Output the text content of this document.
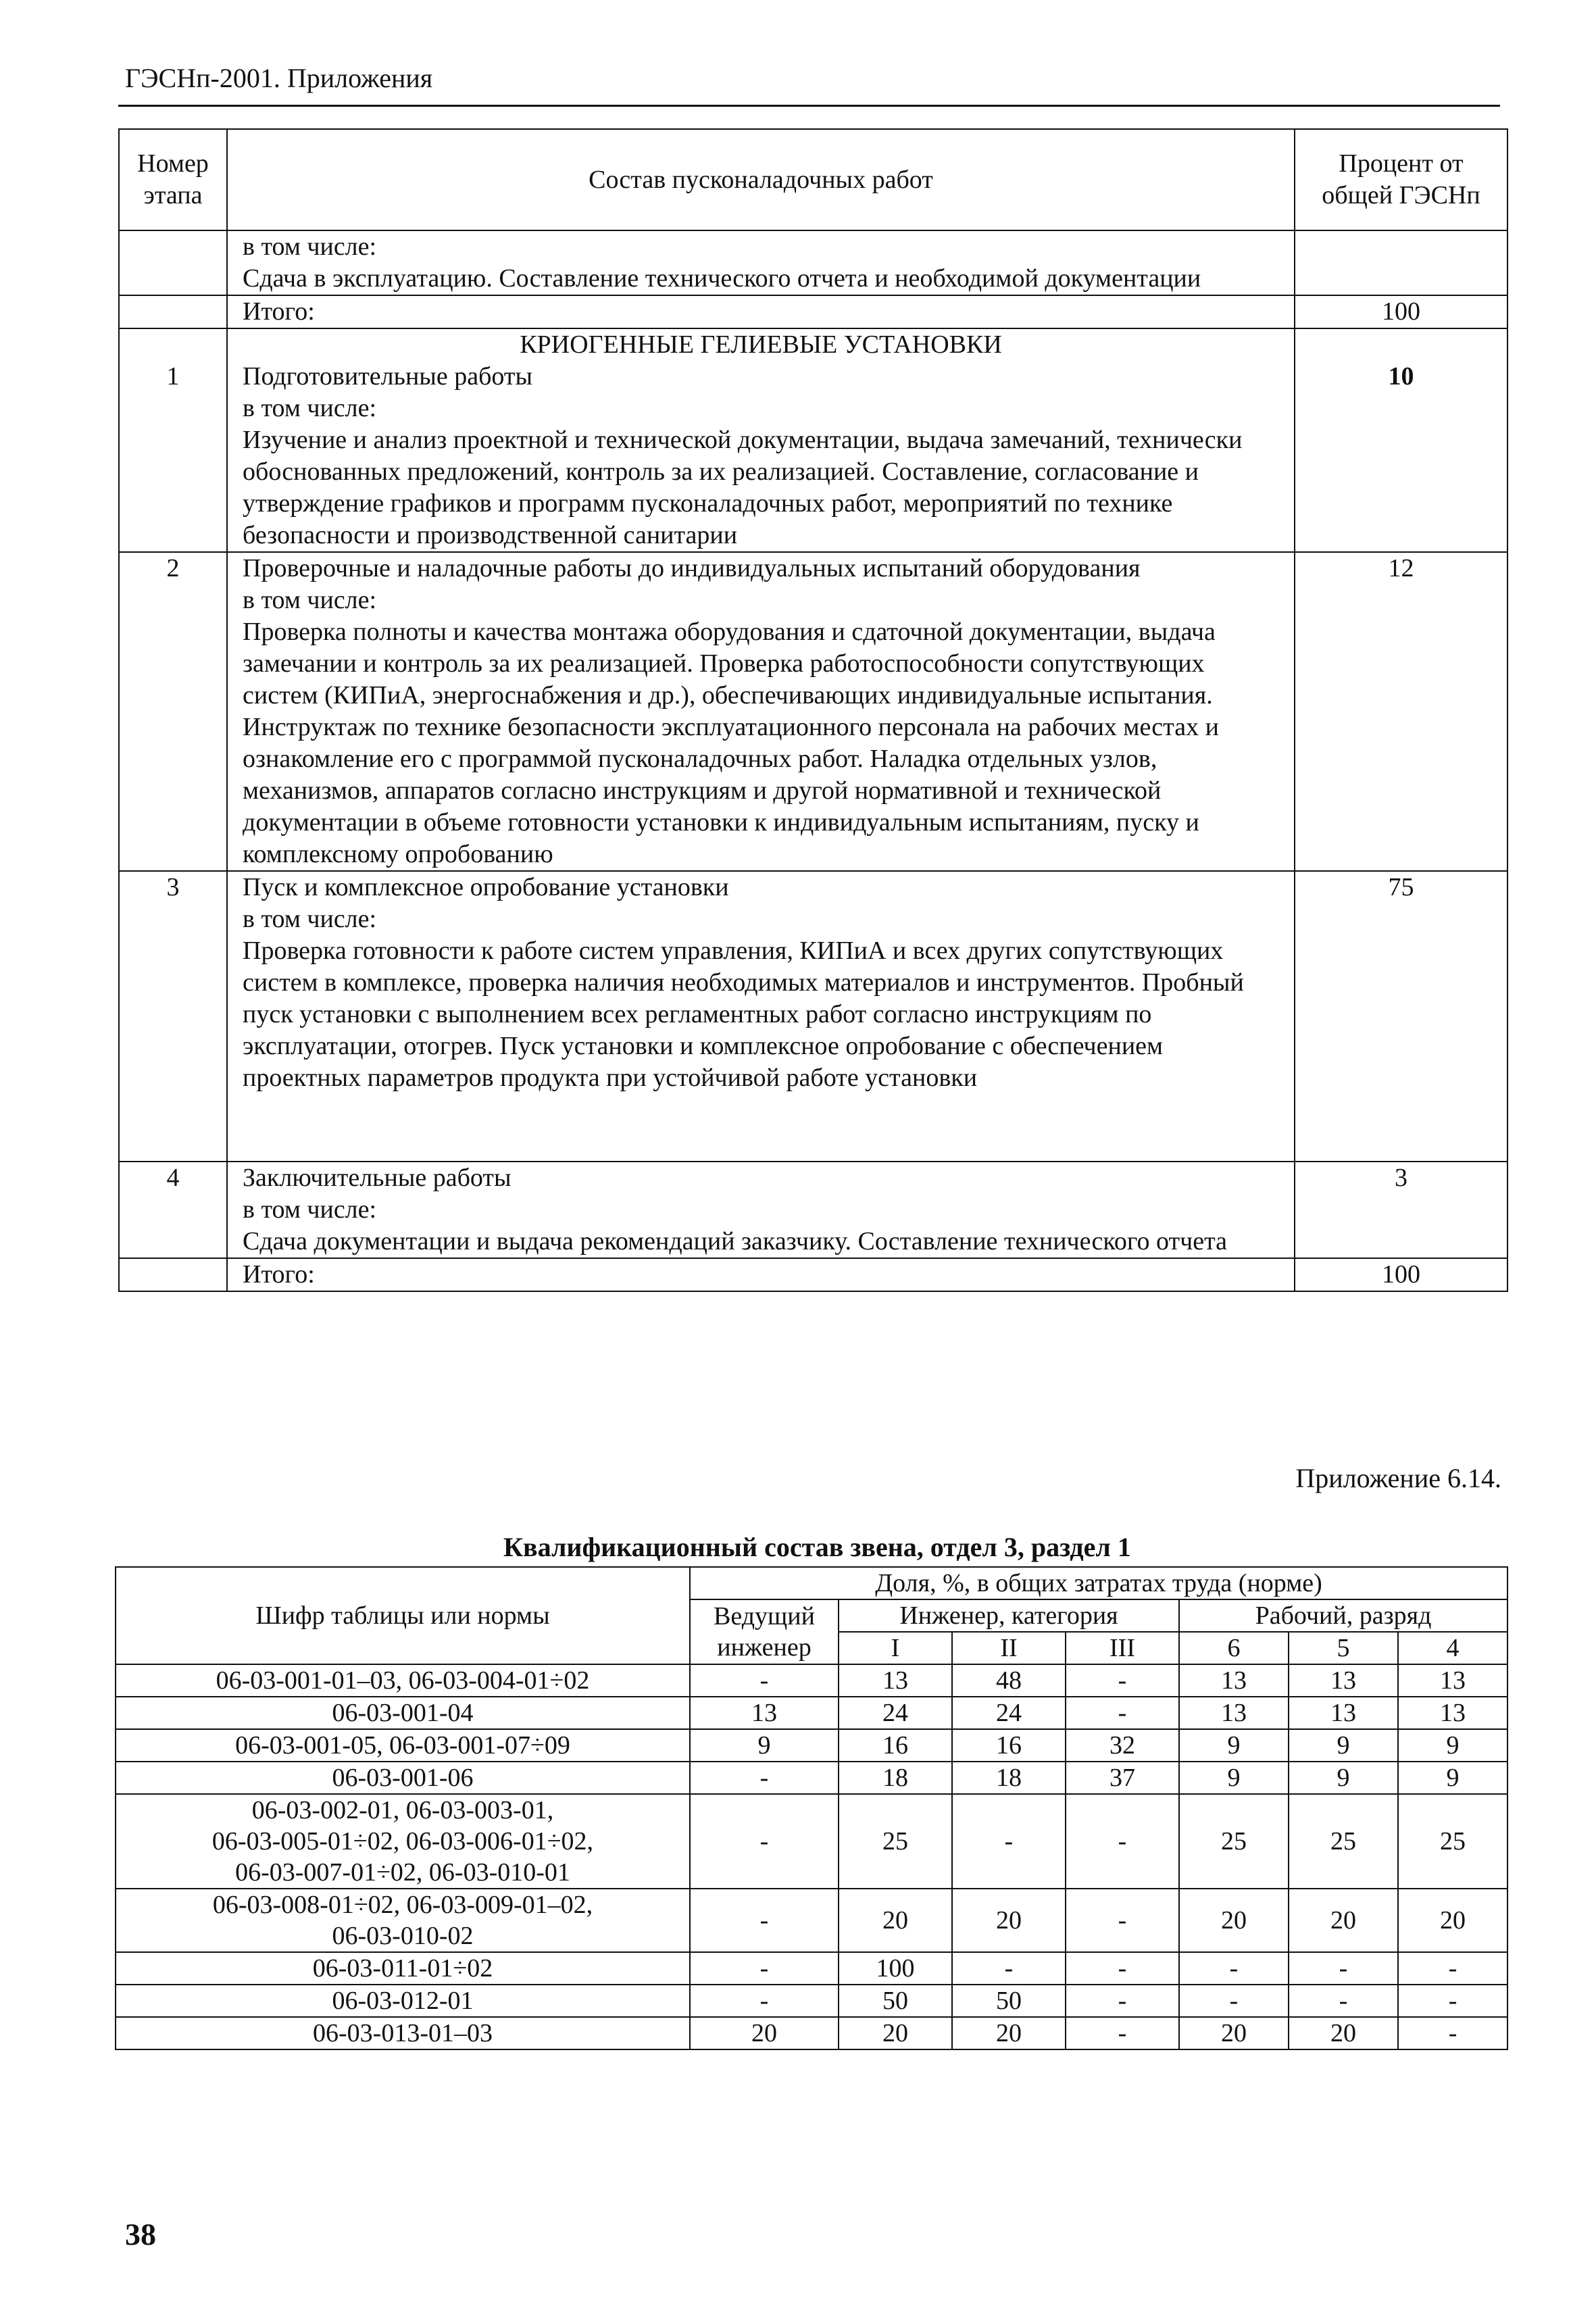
ГЭСНп-2001. Приложения
Номер этапа	Состав пусконаладочных работ	Процент от общей ГЭСНп

	в том числе:
Сдача в эксплуатацию. Составление технического отчета и необходимой документации	

	Итого:	100
1	КРИОГЕННЫЕ ГЕЛИЕВЫЕ УСТАНОВКИ
Подготовительные работы
в том числе:
Изучение и анализ проектной и технической документации, выдача замечаний, технически обоснованных предложений, контроль за их реализацией. Составление, согласование и утверждение графиков и программ пусконаладочных работ, мероприятий по технике безопасности и производственной санитарии	10
2	Проверочные и наладочные работы до индивидуальных испытаний оборудования
в том числе:
Проверка полноты и качества монтажа оборудования и сдаточной документации, выдача замечании и контроль за их реализацией. Проверка работоспособности сопутствующих систем (КИПиА, энергоснабжения и др.), обеспечивающих индивидуальные испытания. Инструктаж по технике безопасности эксплуатационного персонала на рабочих местах и ознакомление его с программой пусконаладочных работ. Наладка отдельных узлов, механизмов, аппаратов согласно инструкциям и другой нормативной и технической документации в объеме готовности установки к индивидуальным испытаниям, пуску и комплексному опробованию	12
3	Пуск и комплексное опробование установки
в том числе:
Проверка готовности к работе систем управления, КИПиА и всех других сопутствующих систем в комплексе, проверка наличия необходимых материалов и инструментов. Пробный пуск установки с выполнением всех регламентных работ согласно инструкциям по эксплуатации, отогрев. Пуск установки и комплексное опробование с обеспечением проектных параметров продукта при устойчивой работе установки	75
4	Заключительные работы
в том числе:
Сдача документации и выдача рекомендаций заказчику. Составление технического отчета	3

	Итого:	100
Приложение 6.14.
Квалификационный состав звена, отдел 3, раздел 1
Шифр таблицы или нормы	Доля, %, в общих затратах труда (норме)						
	Ведущий инженер	Инженер, категория			Рабочий, разряд		
		I	II	III	6	5	4

06-03-001-01–03, 06-03-004-01÷02	-	13	48	-	13	13	13

06-03-001-04	13	24	24	-	13	13	13

06-03-001-05, 06-03-001-07÷09	9	16	16	32	9	9	9

06-03-001-06	-	18	18	37	9	9	9

06-03-002-01, 06-03-003-01,
06-03-005-01÷02, 06-03-006-01÷02,
06-03-007-01÷02, 06-03-010-01	-	25	-	-	25	25	25

06-03-008-01÷02, 06-03-009-01–02,
06-03-010-02	-	20	20	-	20	20	20

06-03-011-01÷02	-	100	-	-	-	-	-

06-03-012-01	-	50	50	-	-	-	-

06-03-013-01–03	20	20	20	-	20	20	-
38
